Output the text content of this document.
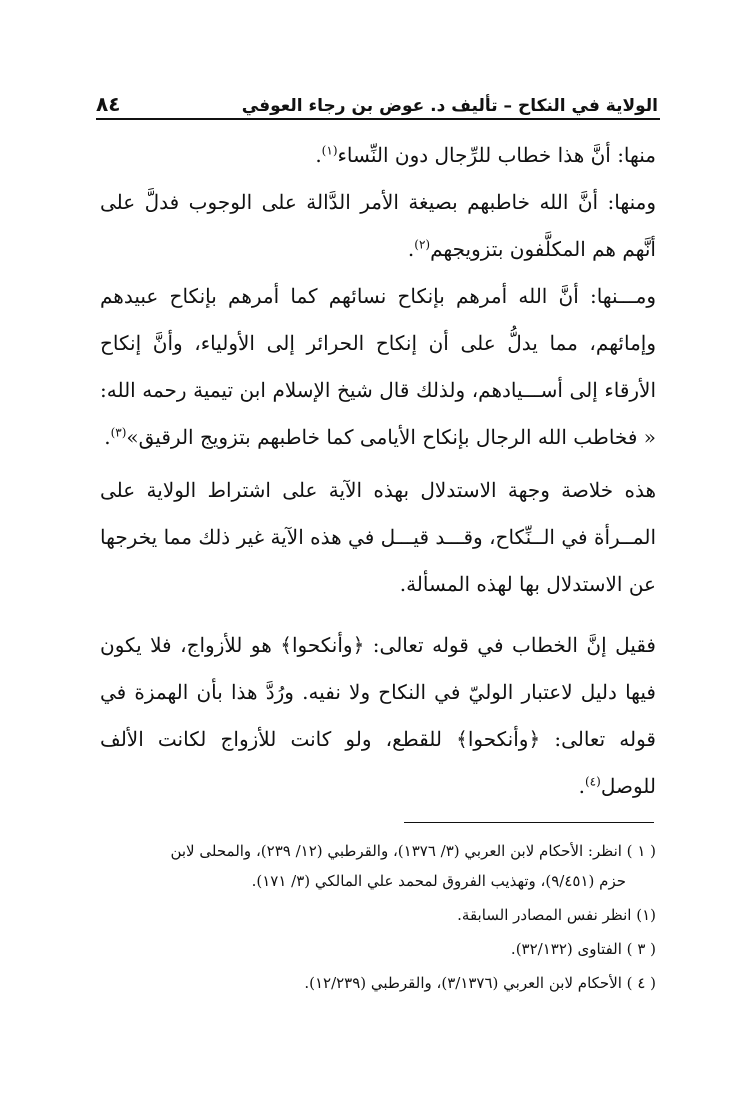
الولاية في النكاح – تأليف د. عوض بن رجاء العوفي
٨٤

منها: أنَّ هذا خطاب للرِّجال دون النِّساء$^{(١)}$.

ومنها: أنَّ الله خاطبهم بصيغة الأمر الدَّالة على الوجوب فدلَّ على أنَّهم هم المكلَّفون بتزويجهم$^{(٢)}$.

ومـــنها: أنَّ الله أمرهم بإنكاح نسائهم كما أمرهم بإنكاح عبيدهم وإمائهم، مما يدلُّ على أن إنكاح الحرائر إلى الأولياء، وأنَّ إنكاح الأرقاء إلى أســـيادهم، ولذلك قال شيخ الإسلام ابن تيمية رحمه الله: « فخاطب الله الرجال بإنكاح الأيامى كما خاطبهم بتزويج الرقيق»$^{(٣)}$.

هذه خلاصة وجهة الاستدلال بهذه الآية على اشتراط الولاية على المــرأة في الــنِّكاح، وقـــد قيـــل في هذه الآية غير ذلك مما يخرجها عن الاستدلال بها لهذه المسألة.

فقيل إنَّ الخطاب في قوله تعالى: ﴿وأنكحوا﴾ هو للأزواج، فلا يكون فيها دليل لاعتبار الوليّ في النكاح ولا نفيه. ورُدَّ هذا بأن الهمزة في قوله تعالى: ﴿وأنكحوا﴾ للقطع، ولو كانت للأزواج لكانت الألف للوصل$^{(٤)}$.

( ١ ) انظر: الأحكام لابن العربي (٣/ ١٣٧٦)، والقرطبي (١٢/ ٢٣٩)، والمحلى لابن

حزم (٩/٤٥١)، وتهذيب الفروق لمحمد علي المالكي (٣/ ١٧١).

(١) انظر نفس المصادر السابقة.

( ٣ ) الفتاوى (٣٢/١٣٢).

( ٤ ) الأحكام لابن العربي (٣/١٣٧٦)، والقرطبي (١٢/٢٣٩).
